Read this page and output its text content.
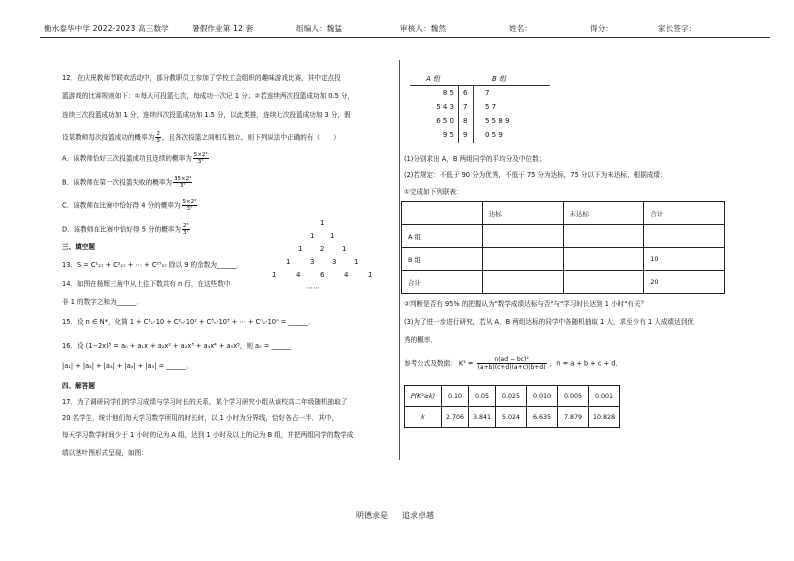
衡水泰华中学 2022-2023 高三数学	暑假作业第 12 套	组编人：魏猛	审核人：魏然	姓名：	得分：	家长签字：
12．在庆祝教师节联欢活动中，部分教职员工参加了学校工会组织的趣味游戏比赛，其中定点投
篮游戏的比赛规则如下：①每人可投篮七次，每成功一次记 1 分；②若连续两次投篮成功加 0.5 分，
连续三次投篮成功加 1 分，连续四次投篮成功加 1.5 分，以此类推，连续七次投篮成功加 3 分，假
设某教师每次投篮成功的概率为 $\frac{2}{3}$ ，且各次投篮之间相互独立，则下列说法中正确的有（　　）
A．该教师恰好三次投篮成功且连续的概率为 $\frac{\text{5×2³}}{\text{3⁷}}$
B．该教师在第一次投篮失败的概率为 $\frac{\text{35×2³}}{\text{3⁷}}$
C．该教师在比赛中恰好得 4 分的概率为 $\frac{\text{5×2³}}{\text{3⁷}}$
D．该教师在比赛中恰好得 5 分的概率为 $\frac{\text{2⁵}}{\text{3⁷}}$
三、填空题
13．S = C¹₂₇ + C²₂₇ + ⋯ + C²⁷₂₇ 除以 9 的余数为______．
14．如图在杨辉三角中从上往下数共有 n 行，在这些数中
非 1 的数字之和为______．
1
1 1
1	2	1
1	3	3	1
1	4	6	4	1
⋯⋯
15．设 n ∈ N*，化简 1 + C¹ₙ·10 + C²ₙ·10² + C³ₙ·10³ + ⋯ + Cⁿₙ·10ⁿ = ______．
16．设 (1−2x)⁵ = a₀ + a₁x + a₂x² + a₃x³ + a₄x⁴ + a₅x⁵，则 a₀ = ______
|a₁| + |a₂| + |a₃| + |a₄| + |a₅| = ______．
四、解答题
17．为了调研同学们的学习成绩与学习时长的关系，某个学习研究小组从该校高二年级随机抽取了
20 名学生，统计他们每天学习数学所用的时长时，以 1 小时为分界线，恰好各占一半．其中，
每天学习数学时间少于 1 小时的记为 A 组，达到 1 小时及以上的记为 B 组，并把两组同学的数学成
绩以茎叶图形式呈现，如图：
A 组	B 组
8 5 6	7
5 4 3 7	5 7
6 5 0 8	5 5 8 9
9 5 9	0 5 9
(1)分别求出 A，B 两组同学的平均分及中位数；
(2)若规定：不低于 90 分为优秀，不低于 75 分为达标，75 分以下为未达标，根据成绩：
①完成如下列联表：
	达标	未达标	合计
A 组			
B 组			10
合计			20
②判断是否有 95% 的把握认为"数学成绩达标与否"与"学习时长达到 1 小时"有关？
(3)为了进一步进行研究，若从 A，B 两组达标的同学中各随机抽取 1 人，求至少有 1 人成绩达到优
秀的概率．
参考公式及数据： $K^2 = \frac{\text{n(ad − bc)²}}{(a+b)(c+d)(a+c)(b+d)}$ ，n = a + b + c + d．
P(K²≥k)	0.10	0.05	0.025	0.010	0.005	0.001
k	2.706	3.841	5.024	6.635	7.879	10.828
明德求是 追求卓越
